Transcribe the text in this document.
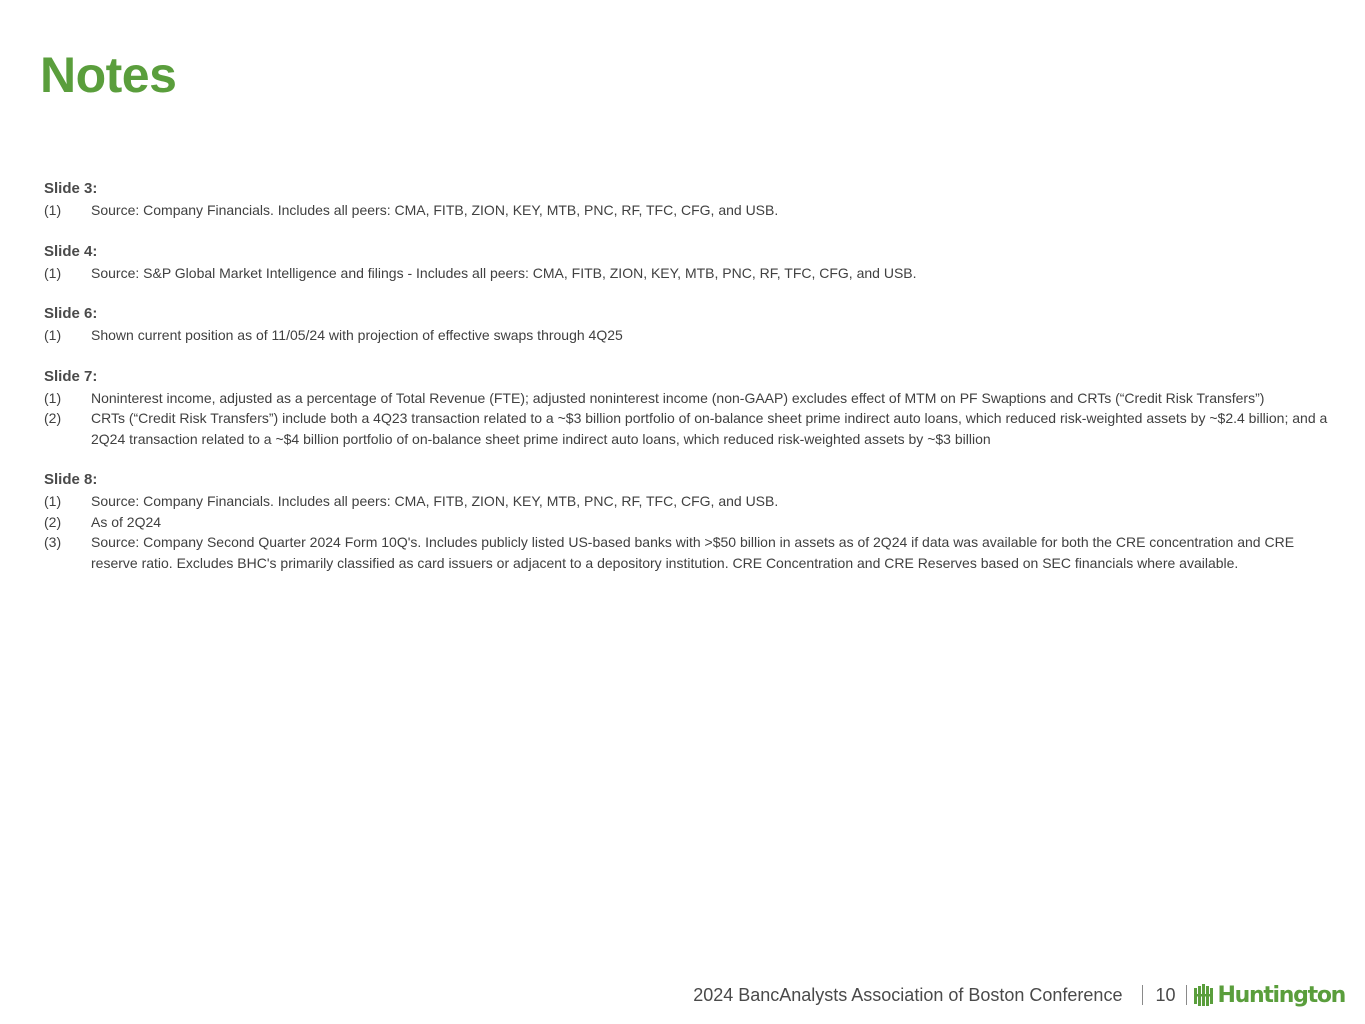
Notes
Slide 3:
(1)	Source: Company Financials. Includes all peers: CMA, FITB, ZION, KEY, MTB, PNC, RF, TFC, CFG, and USB.
Slide 4:
(1)	Source: S&P Global Market Intelligence and filings - Includes all peers: CMA, FITB, ZION, KEY, MTB, PNC, RF, TFC, CFG, and USB.
Slide 6:
(1)	Shown current position as of 11/05/24 with projection of effective swaps through 4Q25
Slide 7:
(1)	Noninterest income, adjusted as a percentage of Total Revenue (FTE); adjusted noninterest income (non-GAAP) excludes effect of MTM on PF Swaptions and CRTs (“Credit Risk Transfers”)
(2)	CRTs (“Credit Risk Transfers”) include both a 4Q23 transaction related to a ~$3 billion portfolio of on-balance sheet prime indirect auto loans, which reduced risk-weighted assets by ~$2.4 billion; and a 2Q24 transaction related to a ~$4 billion portfolio of on-balance sheet prime indirect auto loans, which reduced risk-weighted assets by ~$3 billion
Slide 8:
(1)	Source: Company Financials. Includes all peers: CMA, FITB, ZION, KEY, MTB, PNC, RF, TFC, CFG, and USB.
(2)	As of 2Q24
(3)	Source: Company Second Quarter 2024 Form 10Q's. Includes publicly listed US-based banks with >$50 billion in assets as of 2Q24 if data was available for both the CRE concentration and CRE reserve ratio. Excludes BHC's primarily classified as card issuers or adjacent to a depository institution. CRE Concentration and CRE Reserves based on SEC financials where available.
2024 BancAnalysts Association of Boston Conference 10 Huntington
